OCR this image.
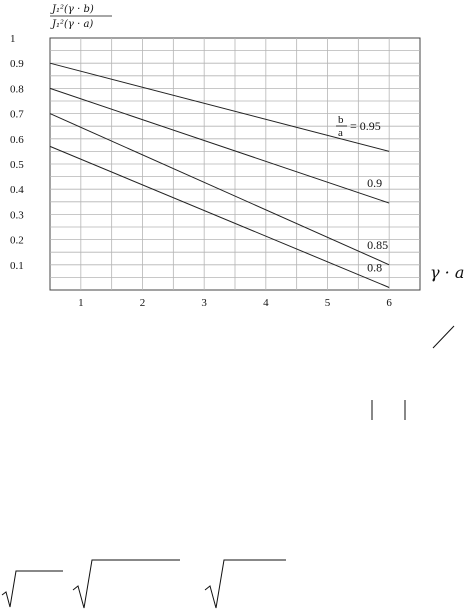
0.1
0.2
0.3
0.4
0.5
0.6
0.7
0.8
0.9
1
1	2	3	4	5	6
J₁²(γ · b)
J₁²(γ · a)
γ · a
b
a = 0.95
0.9
0.85
0.8
